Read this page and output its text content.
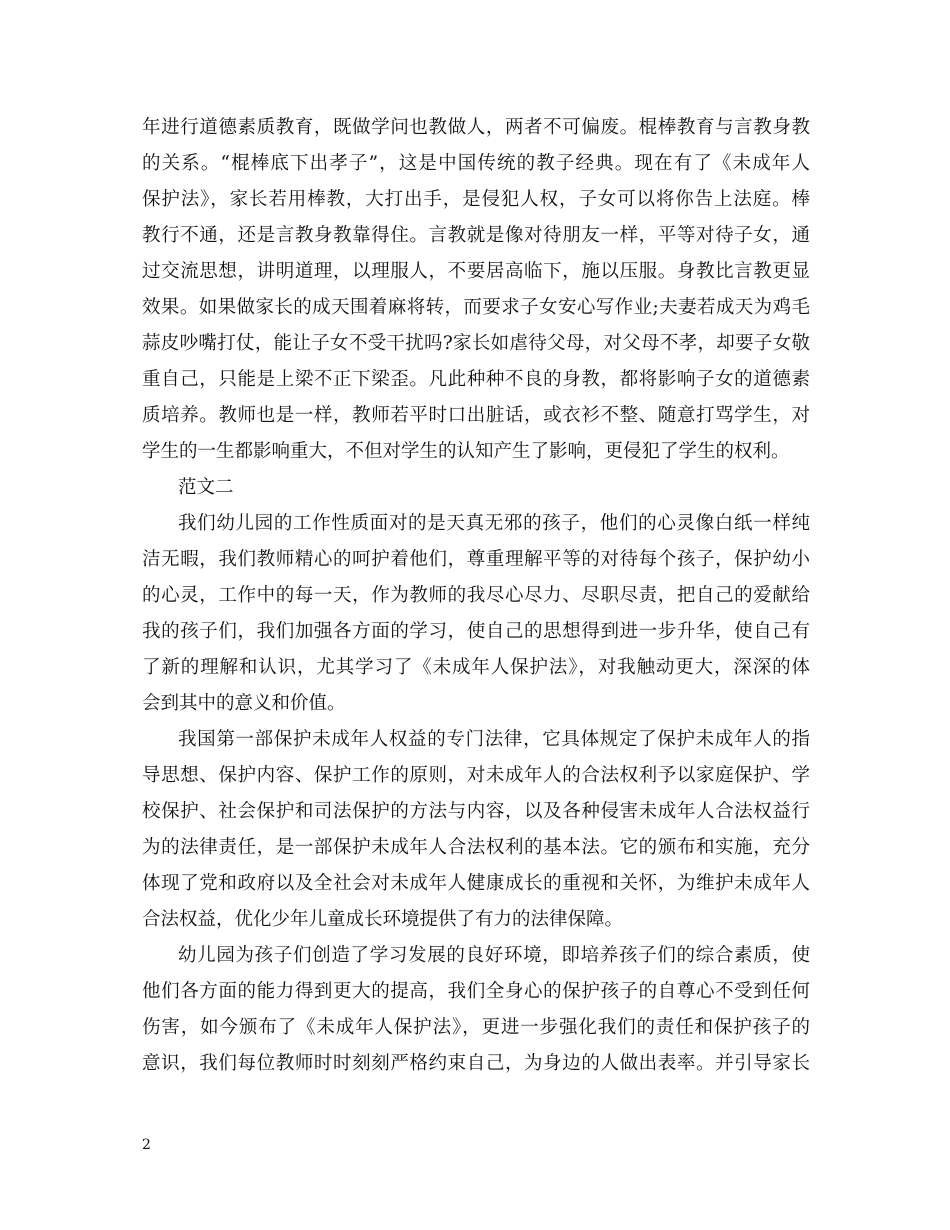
年进行道德素质教育，既做学问也教做人，两者不可偏废。棍棒教育与言教身教
的关系。“棍棒底下出孝子”，这是中国传统的教子经典。现在有了《未成年人
保护法》，家长若用棒教，大打出手，是侵犯人权，子女可以将你告上法庭。棒
教行不通，还是言教身教靠得住。言教就是像对待朋友一样，平等对待子女，通
过交流思想，讲明道理，以理服人，不要居高临下，施以压服。身教比言教更显
效果。如果做家长的成天围着麻将转，而要求子女安心写作业;夫妻若成天为鸡毛
蒜皮吵嘴打仗，能让子女不受干扰吗?家长如虐待父母，对父母不孝，却要子女敬
重自己，只能是上梁不正下梁歪。凡此种种不良的身教，都将影响子女的道德素
质培养。教师也是一样，教师若平时口出脏话，或衣衫不整、随意打骂学生，对
学生的一生都影响重大，不但对学生的认知产生了影响，更侵犯了学生的权利。
范文二
我们幼儿园的工作性质面对的是天真无邪的孩子，他们的心灵像白纸一样纯
洁无暇，我们教师精心的呵护着他们，尊重理解平等的对待每个孩子，保护幼小
的心灵，工作中的每一天，作为教师的我尽心尽力、尽职尽责，把自己的爱献给
我的孩子们，我们加强各方面的学习，使自己的思想得到进一步升华，使自己有
了新的理解和认识，尤其学习了《未成年人保护法》，对我触动更大，深深的体
会到其中的意义和价值。
我国第一部保护未成年人权益的专门法律，它具体规定了保护未成年人的指
导思想、保护内容、保护工作的原则，对未成年人的合法权利予以家庭保护、学
校保护、社会保护和司法保护的方法与内容，以及各种侵害未成年人合法权益行
为的法律责任，是一部保护未成年人合法权利的基本法。它的颁布和实施，充分
体现了党和政府以及全社会对未成年人健康成长的重视和关怀，为维护未成年人
合法权益，优化少年儿童成长环境提供了有力的法律保障。
幼儿园为孩子们创造了学习发展的良好环境，即培养孩子们的综合素质，使
他们各方面的能力得到更大的提高，我们全身心的保护孩子的自尊心不受到任何
伤害，如今颁布了《未成年人保护法》，更进一步强化我们的责任和保护孩子的
意识，我们每位教师时时刻刻严格约束自己，为身边的人做出表率。并引导家长
2
